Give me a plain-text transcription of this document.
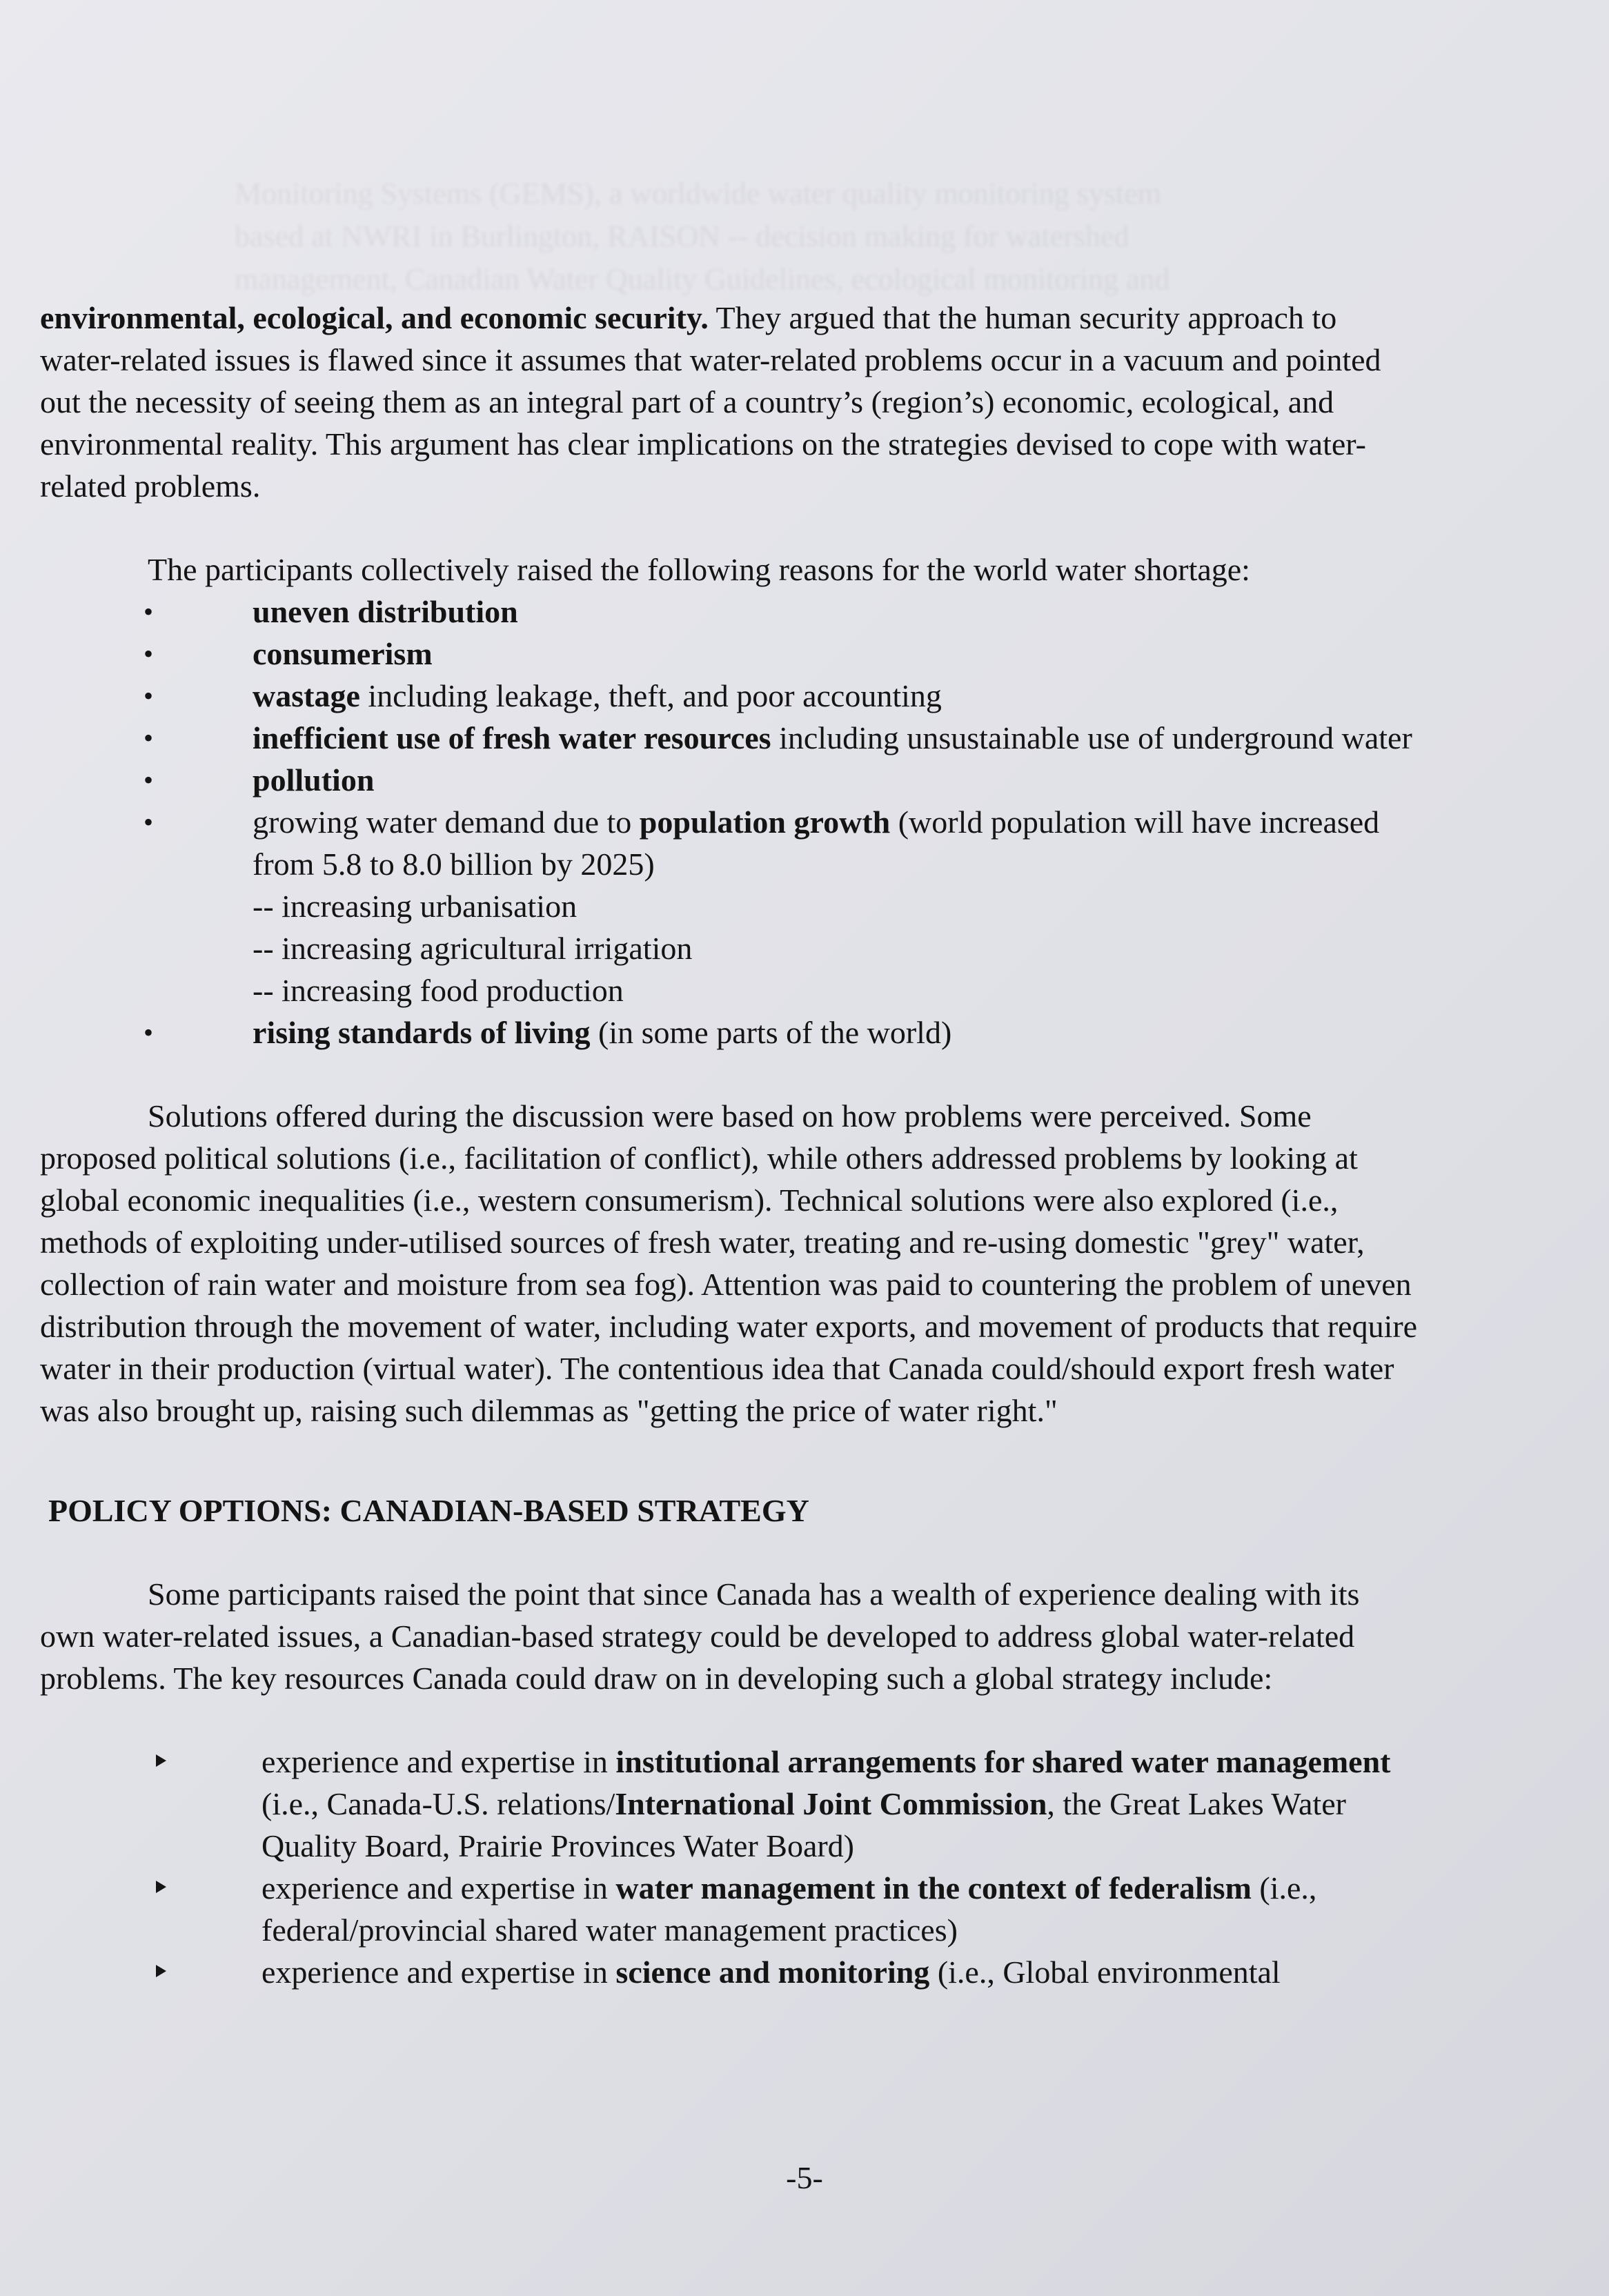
Monitoring Systems (GEMS), a worldwide water quality monitoring system

based at NWRI in Burlington, RAISON -- decision making for watershed

management, Canadian Water Quality Guidelines, ecological monitoring and

environmental, ecological, and economic security. They argued that the human security approach to water-related issues is flawed since it assumes that water-related problems occur in a vacuum and pointed out the necessity of seeing them as an integral part of a country’s (region’s) economic, ecological, and environmental reality. This argument has clear implications on the strategies devised to cope with water-related problems.

The participants collectively raised the following reasons for the world water shortage:

•	uneven distribution
•	consumerism
•	wastage including leakage, theft, and poor accounting
•	inefficient use of fresh water resources including unsustainable use of underground water
•	pollution
•	growing water demand due to population growth (world population will have increased from 5.8 to 8.0 billion by 2025)
-- increasing urbanisation
-- increasing agricultural irrigation
-- increasing food production
•	rising standards of living (in some parts of the world)

Solutions offered during the discussion were based on how problems were perceived. Some proposed political solutions (i.e., facilitation of conflict), while others addressed problems by looking at global economic inequalities (i.e., western consumerism). Technical solutions were also explored (i.e., methods of exploiting under-utilised sources of fresh water, treating and re-using domestic "grey" water, collection of rain water and moisture from sea fog). Attention was paid to countering the problem of uneven distribution through the movement of water, including water exports, and movement of products that require water in their production (virtual water). The contentious idea that Canada could/should export fresh water was also brought up, raising such dilemmas as "getting the price of water right."

POLICY OPTIONS: CANADIAN-BASED STRATEGY

Some participants raised the point that since Canada has a wealth of experience dealing with its own water-related issues, a Canadian-based strategy could be developed to address global water-related problems. The key resources Canada could draw on in developing such a global strategy include:

experience and expertise in institutional arrangements for shared water management (i.e., Canada-U.S. relations/International Joint Commission, the Great Lakes Water Quality Board, Prairie Provinces Water Board)
experience and expertise in water management in the context of federalism (i.e., federal/provincial shared water management practices)
experience and expertise in science and monitoring (i.e., Global environmental
-5-
